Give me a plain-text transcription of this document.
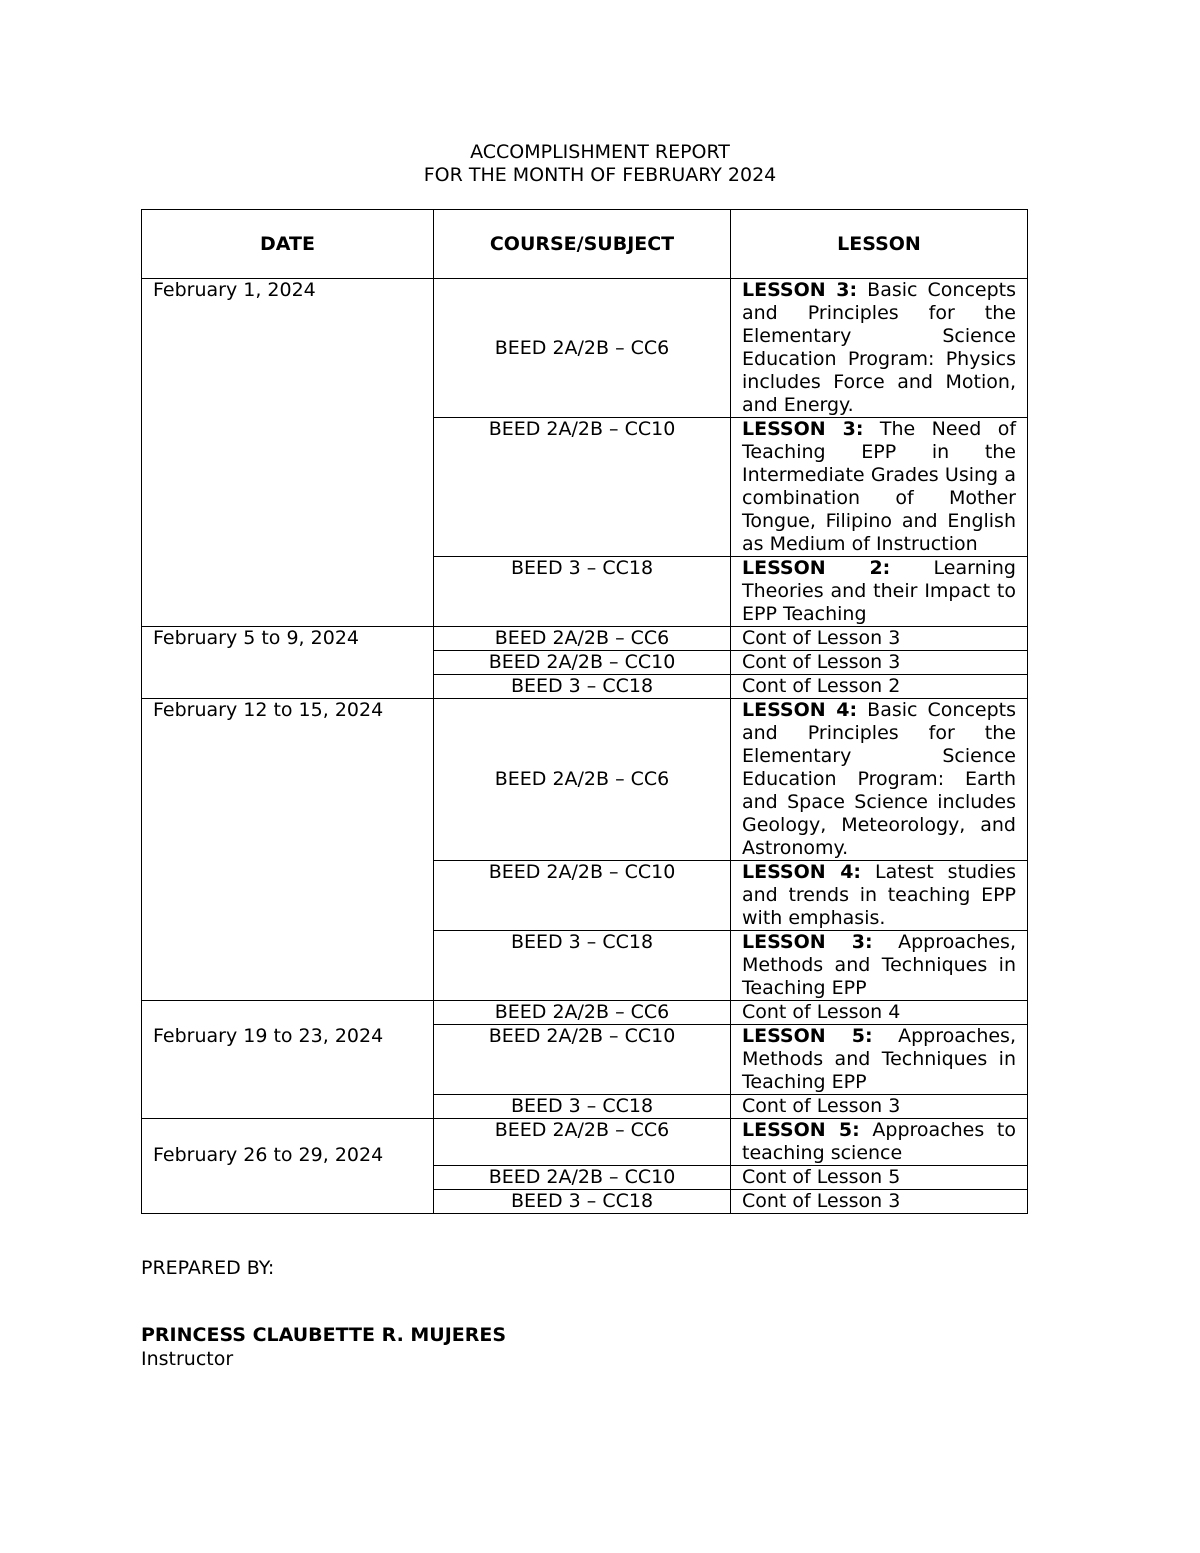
ACCOMPLISHMENT REPORT
FOR THE MONTH OF FEBRUARY 2024
DATE	COURSE/SUBJECT	LESSON
February 1, 2024	BEED 2A/2B – CC6	LESSON 3: Basic Concepts and Principles for the Elementary Science Education Program: Physics includes Force and Motion, and Energy.
	BEED 2A/2B – CC10	LESSON 3: The Need of Teaching EPP in the Intermediate Grades Using a combination of Mother Tongue, Filipino and English as Medium of Instruction
	BEED 3 – CC18	LESSON 2: Learning Theories and their Impact to EPP Teaching
February 5 to 9, 2024	BEED 2A/2B – CC6	Cont of Lesson 3
	BEED 2A/2B – CC10	Cont of Lesson 3
	BEED 3 – CC18	Cont of Lesson 2
February 12 to 15, 2024	BEED 2A/2B – CC6	LESSON 4: Basic Concepts and Principles for the Elementary Science Education Program: Earth and Space Science includes Geology, Meteorology, and Astronomy.
	BEED 2A/2B – CC10	LESSON 4: Latest studies and trends in teaching EPP with emphasis.
	BEED 3 – CC18	LESSON 3: Approaches, Methods and Techniques in Teaching EPP
February 19 to 23, 2024	BEED 2A/2B – CC6	Cont of Lesson 4
	BEED 2A/2B – CC10	LESSON 5: Approaches, Methods and Techniques in Teaching EPP
	BEED 3 – CC18	Cont of Lesson 3
February 26 to 29, 2024	BEED 2A/2B – CC6	LESSON 5: Approaches to teaching science
	BEED 2A/2B – CC10	Cont of Lesson 5
	BEED 3 – CC18	Cont of Lesson 3
PREPARED BY:
PRINCESS CLAUBETTE R. MUJERES
Instructor
